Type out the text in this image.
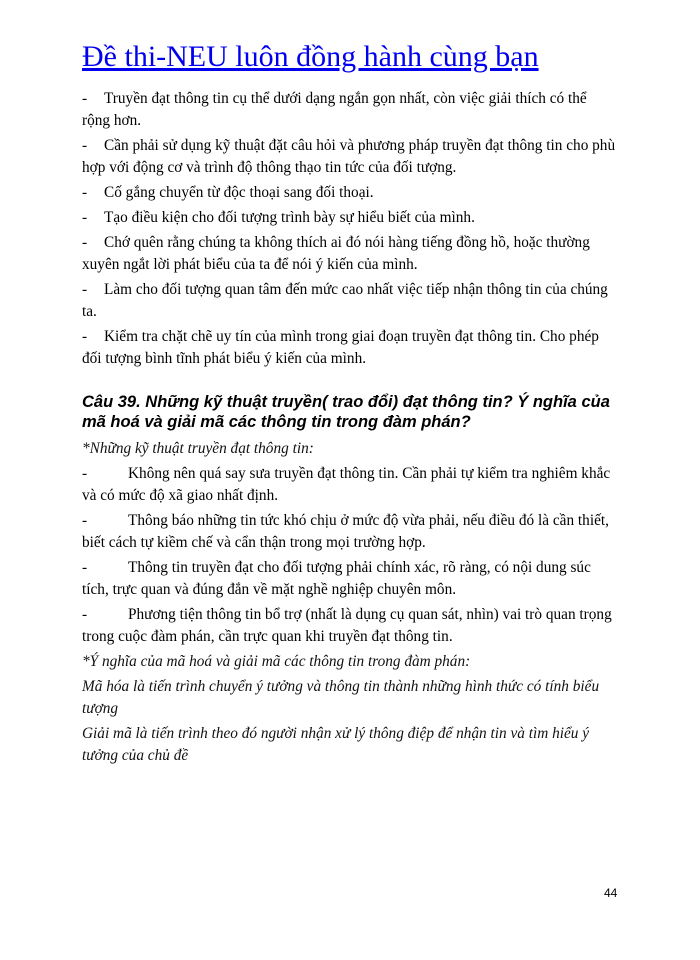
Đề thi-NEU luôn đồng hành cùng bạn

- Truyền đạt thông tin cụ thể dưới dạng ngắn gọn nhất, còn việc giải thích có thể rộng hơn.

- Cần phải sử dụng kỹ thuật đặt câu hỏi và phương pháp truyền đạt thông tin cho phù hợp với động cơ và trình độ thông thạo tin tức của đối tượng.

- Cố gắng chuyển từ độc thoại sang đối thoại.

- Tạo điều kiện cho đối tượng trình bày sự hiểu biết của mình.

- Chớ quên rằng chúng ta không thích ai đó nói hàng tiếng đồng hồ, hoặc thường xuyên ngắt lời phát biểu của ta để nói ý kiến của mình.

- Làm cho đối tượng quan tâm đến mức cao nhất việc tiếp nhận thông tin của chúng ta.

- Kiểm tra chặt chẽ uy tín của mình trong giai đoạn truyền đạt thông tin. Cho phép đối tượng bình tĩnh phát biểu ý kiến của mình.

Câu 39. Những kỹ thuật truyền( trao đổi) đạt thông tin? Ý nghĩa của mã hoá và giải mã các thông tin trong đàm phán?

*Những kỹ thuật truyền đạt thông tin:

-	Không nên quá say sưa truyền đạt thông tin. Cần phải tự kiểm tra nghiêm khắc và có mức độ xã giao nhất định.

-	Thông báo những tin tức khó chịu ở mức độ vừa phải, nếu điều đó là cần thiết, biết cách tự kiềm chế và cẩn thận trong mọi trường hợp.

-	Thông tin truyền đạt cho đối tượng phải chính xác, rõ ràng, có nội dung súc tích, trực quan và đúng đắn về mặt nghề nghiệp chuyên môn.

-	Phương tiện thông tin bổ trợ (nhất là dụng cụ quan sát, nhìn) vai trò quan trọng trong cuộc đàm phán, cần trực quan khi truyền đạt thông tin.

*Ý nghĩa của mã hoá và giải mã các thông tin trong đàm phán:

Mã hóa là tiến trình chuyển ý tưởng và thông tin thành những hình thức có tính biểu tượng

Giải mã là tiến trình theo đó người nhận xử lý thông điệp để nhận tin và tìm hiểu ý tưởng của chủ đề

44
